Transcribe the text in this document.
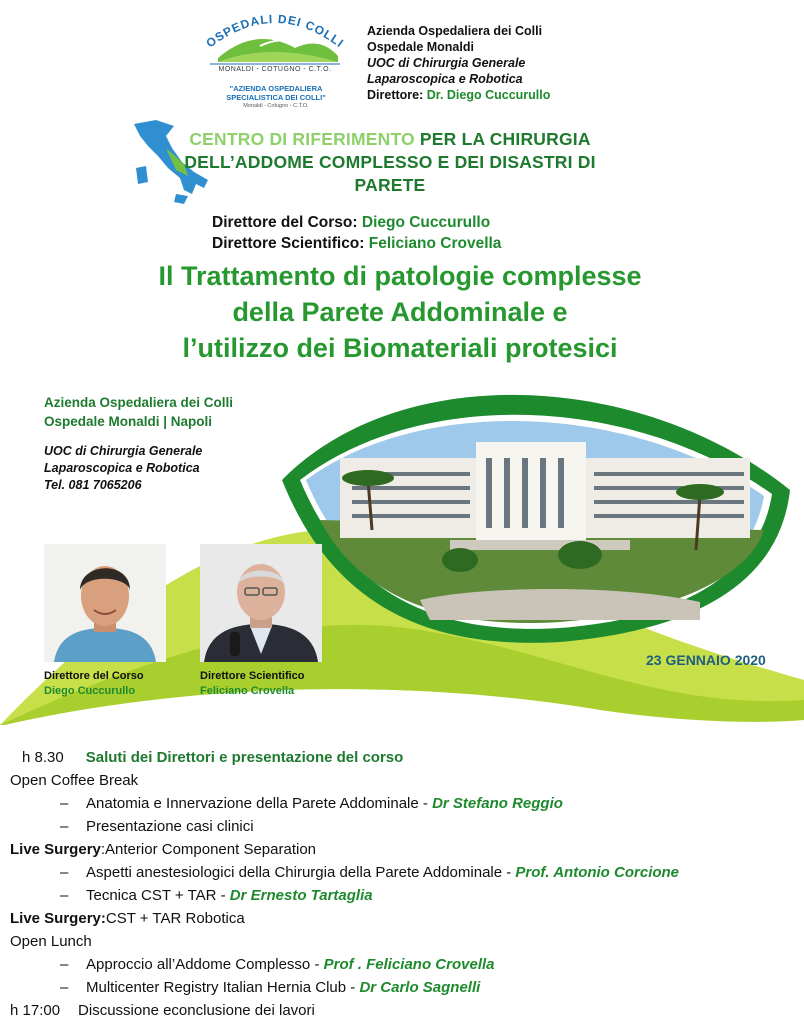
OSPEDALI DEI COLLI
MONALDI - COTUGNO - C.T.O.
"AZIENDA OSPEDALIERA
SPECIALISTICA DEI COLLI"
Monaldi - Cotugno - C.T.O.
Azienda Ospedaliera dei Colli
Ospedale Monaldi
UOC di Chirurgia Generale
Laparoscopica e Robotica
Direttore: Dr. Diego Cuccurullo
CENTRO DI RIFERIMENTO PER LA CHIRURGIA
DELL’ADDOME COMPLESSO E DEI DISASTRI DI
PARETE
Direttore del Corso: Diego Cuccurullo
Direttore Scientifico: Feliciano Crovella
Il Trattamento di patologie complesse
della Parete Addominale e
l’utilizzo dei Biomateriali protesici
Azienda Ospedaliera dei Colli
Ospedale Monaldi | Napoli
UOC di Chirurgia Generale
Laparoscopica e Robotica
Tel. 081 7065206
Direttore del Corso
Diego Cuccurullo
Direttore Scientifico
Feliciano Crovella
23 GENNAIO 2020
h 8.30 Saluti dei Direttori e presentazione del corso
Open Coffee Break
– Anatomia e Innervazione della Parete Addominale - Dr Stefano Reggio
– Presentazione casi clinici
Live Surgery:Anterior Component Separation
– Aspetti anestesiologici della Chirurgia della Parete Addominale - Prof. Antonio Corcione
– Tecnica CST + TAR - Dr Ernesto Tartaglia
Live Surgery:CST + TAR Robotica
Open Lunch
– Approccio all’Addome Complesso - Prof . Feliciano Crovella
– Multicenter Registry Italian Hernia Club - Dr Carlo Sagnelli
h 17:00 Discussione econclusione dei lavori
